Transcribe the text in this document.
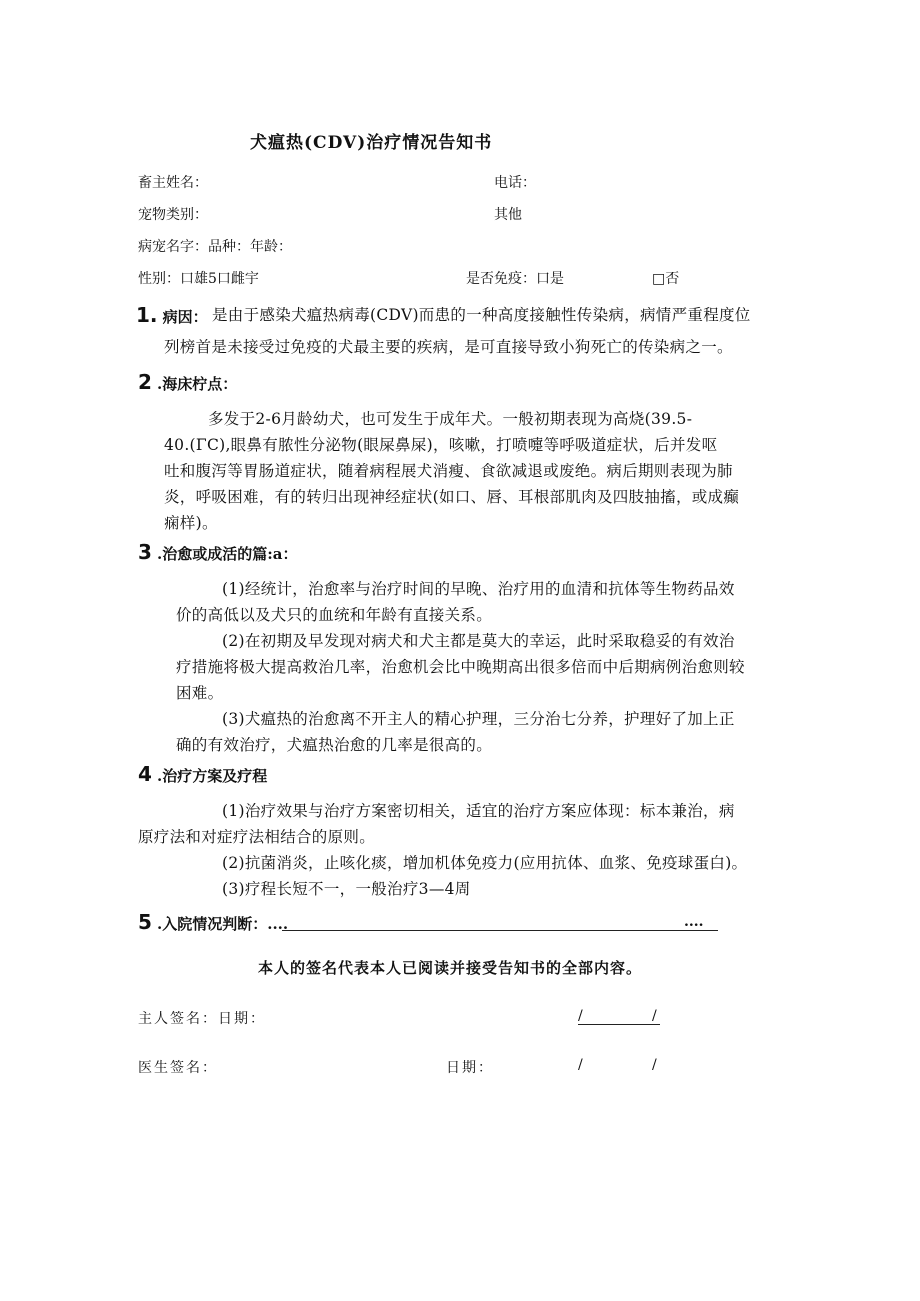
犬瘟热(CDV)治疗情况告知书
畜主姓名：	电话：
宠物类别：	其他
病宠名字：品种：年龄：
性别：口雄5口雌宇	是否免疫：口是	□否
1. 病因： 是由于感染犬瘟热病毒(CDV)而患的一种高度接触性传染病，病情严重程度位
列榜首是未接受过免疫的犬最主要的疾病，是可直接导致小狗死亡的传染病之一。
2 .海床柠点：
多发于2-6月龄幼犬，也可发生于成年犬。一般初期表现为高烧(39.5-
40.(ΓC),眼鼻有脓性分泌物(眼屎鼻屎)，咳嗽，打喷嚏等呼吸道症状，后并发呕
吐和腹泻等胃肠道症状，随着病程展犬消瘦、食欲减退或废绝。病后期则表现为肺
炎，呼吸困难，有的转归出现神经症状(如口、唇、耳根部肌肉及四肢抽搐，或成癫
痫样)。
3 .治愈或成活的篇:a：
(1)经统计，治愈率与治疗时间的早晚、治疗用的血清和抗体等生物药品效
价的高低以及犬只的血统和年龄有直接关系。
(2)在初期及早发现对病犬和犬主都是莫大的幸运，此时采取稳妥的有效治
疗措施将极大提高救治几率，治愈机会比中晚期高出很多倍而中后期病例治愈则较
困难。
(3)犬瘟热的治愈离不开主人的精心护理，三分治七分养，护理好了加上正
确的有效治疗，犬瘟热治愈的几率是很高的。
4 .治疗方案及疗程
(1)治疗效果与治疗方案密切相关，适宜的治疗方案应体现：标本兼治，病
原疗法和对症疗法相结合的原则。
(2)抗菌消炎，止咳化痰，增加机体免疫力(应用抗体、血浆、免疫球蛋白)。
(3)疗程长短不一，一般治疗3—4周
5 .入院情况判断：....	....
本人的签名代表本人已阅读并接受告知书的全部内容。
主人签名：日期：	/	/
医生签名：	日期：	/	/
